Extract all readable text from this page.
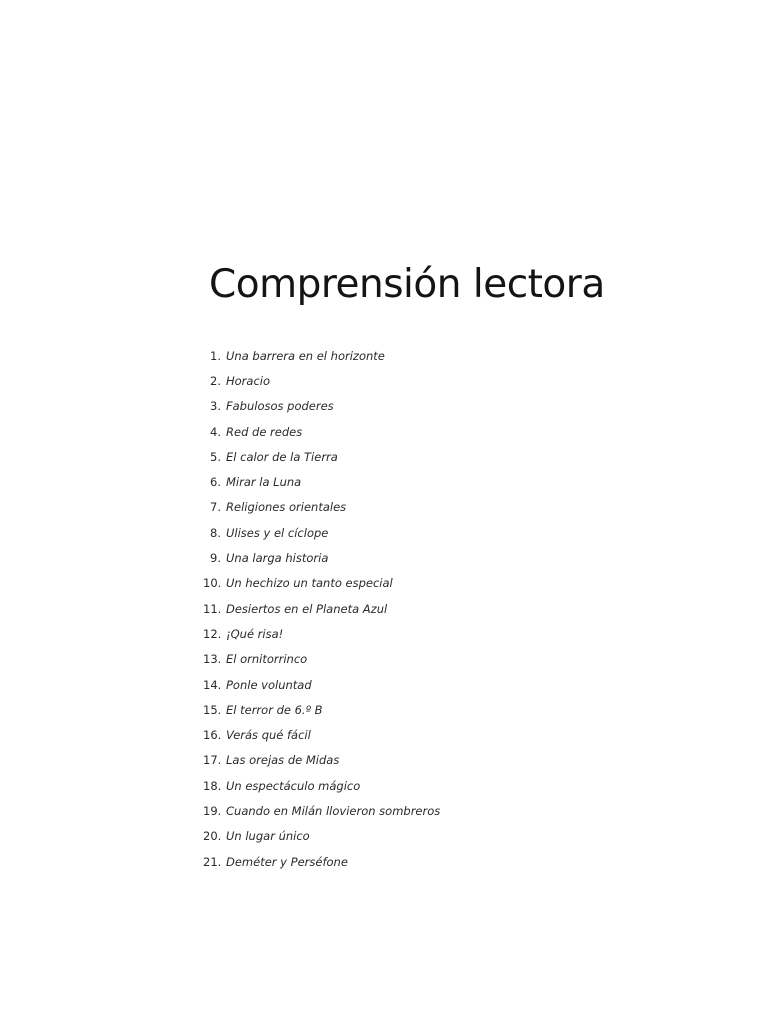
Comprensión lectora
1. Una barrera en el horizonte
2. Horacio
3. Fabulosos poderes
4. Red de redes
5. El calor de la Tierra
6. Mirar la Luna
7. Religiones orientales
8. Ulises y el cíclope
9. Una larga historia
10. Un hechizo un tanto especial
11. Desiertos en el Planeta Azul
12. ¡Qué risa!
13. El ornitorrinco
14. Ponle voluntad
15. El terror de 6.º B
16. Verás qué fácil
17. Las orejas de Midas
18. Un espectáculo mágico
19. Cuando en Milán llovieron sombreros
20. Un lugar único
21. Deméter y Perséfone
